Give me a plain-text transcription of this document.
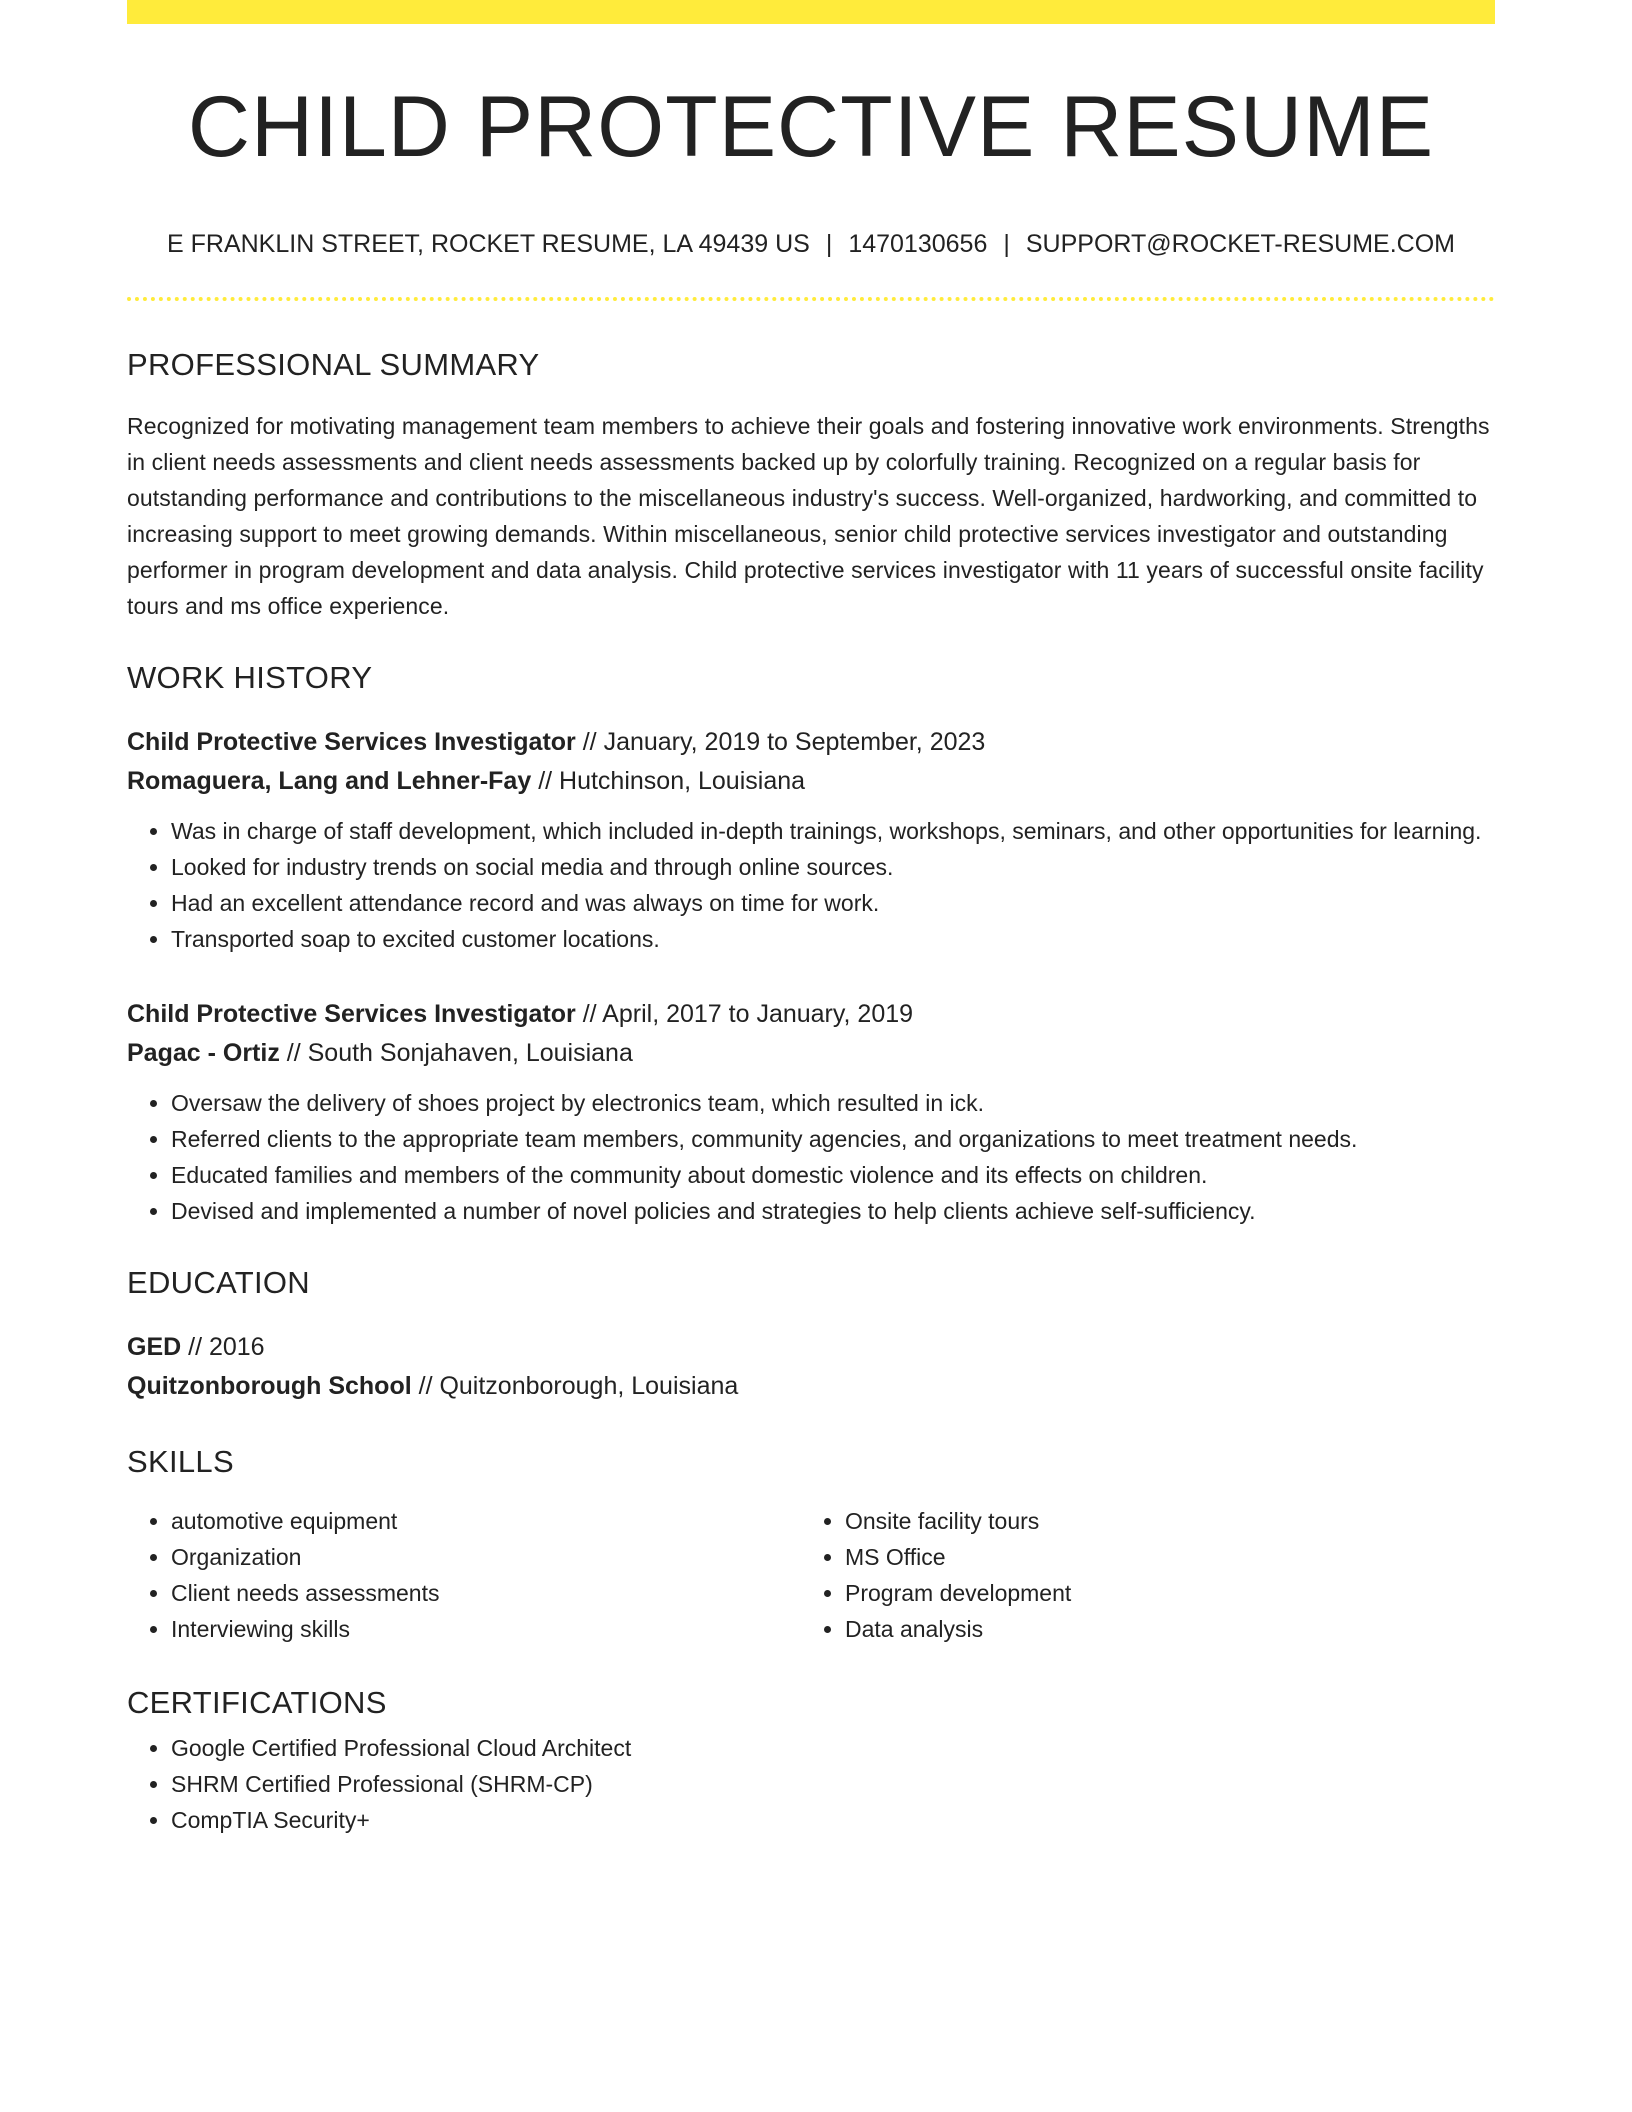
CHILD PROTECTIVE RESUME
E FRANKLIN STREET, ROCKET RESUME, LA 49439 US | 1470130656 | SUPPORT@ROCKET-RESUME.COM
PROFESSIONAL SUMMARY
Recognized for motivating management team members to achieve their goals and fostering innovative work environments. Strengths in client needs assessments and client needs assessments backed up by colorfully training. Recognized on a regular basis for outstanding performance and contributions to the miscellaneous industry's success. Well-organized, hardworking, and committed to increasing support to meet growing demands. Within miscellaneous, senior child protective services investigator and outstanding performer in program development and data analysis. Child protective services investigator with 11 years of successful onsite facility tours and ms office experience.
WORK HISTORY
Child Protective Services Investigator // January, 2019 to September, 2023
Romaguera, Lang and Lehner-Fay // Hutchinson, Louisiana
• Was in charge of staff development, which included in-depth trainings, workshops, seminars, and other opportunities for learning.
• Looked for industry trends on social media and through online sources.
• Had an excellent attendance record and was always on time for work.
• Transported soap to excited customer locations.
Child Protective Services Investigator // April, 2017 to January, 2019
Pagac - Ortiz // South Sonjahaven, Louisiana
• Oversaw the delivery of shoes project by electronics team, which resulted in ick.
• Referred clients to the appropriate team members, community agencies, and organizations to meet treatment needs.
• Educated families and members of the community about domestic violence and its effects on children.
• Devised and implemented a number of novel policies and strategies to help clients achieve self-sufficiency.
EDUCATION
GED // 2016
Quitzonborough School // Quitzonborough, Louisiana
SKILLS
• automotive equipment
• Organization
• Client needs assessments
• Interviewing skills
• Onsite facility tours
• MS Office
• Program development
• Data analysis
CERTIFICATIONS
• Google Certified Professional Cloud Architect
• SHRM Certified Professional (SHRM-CP)
• CompTIA Security+
